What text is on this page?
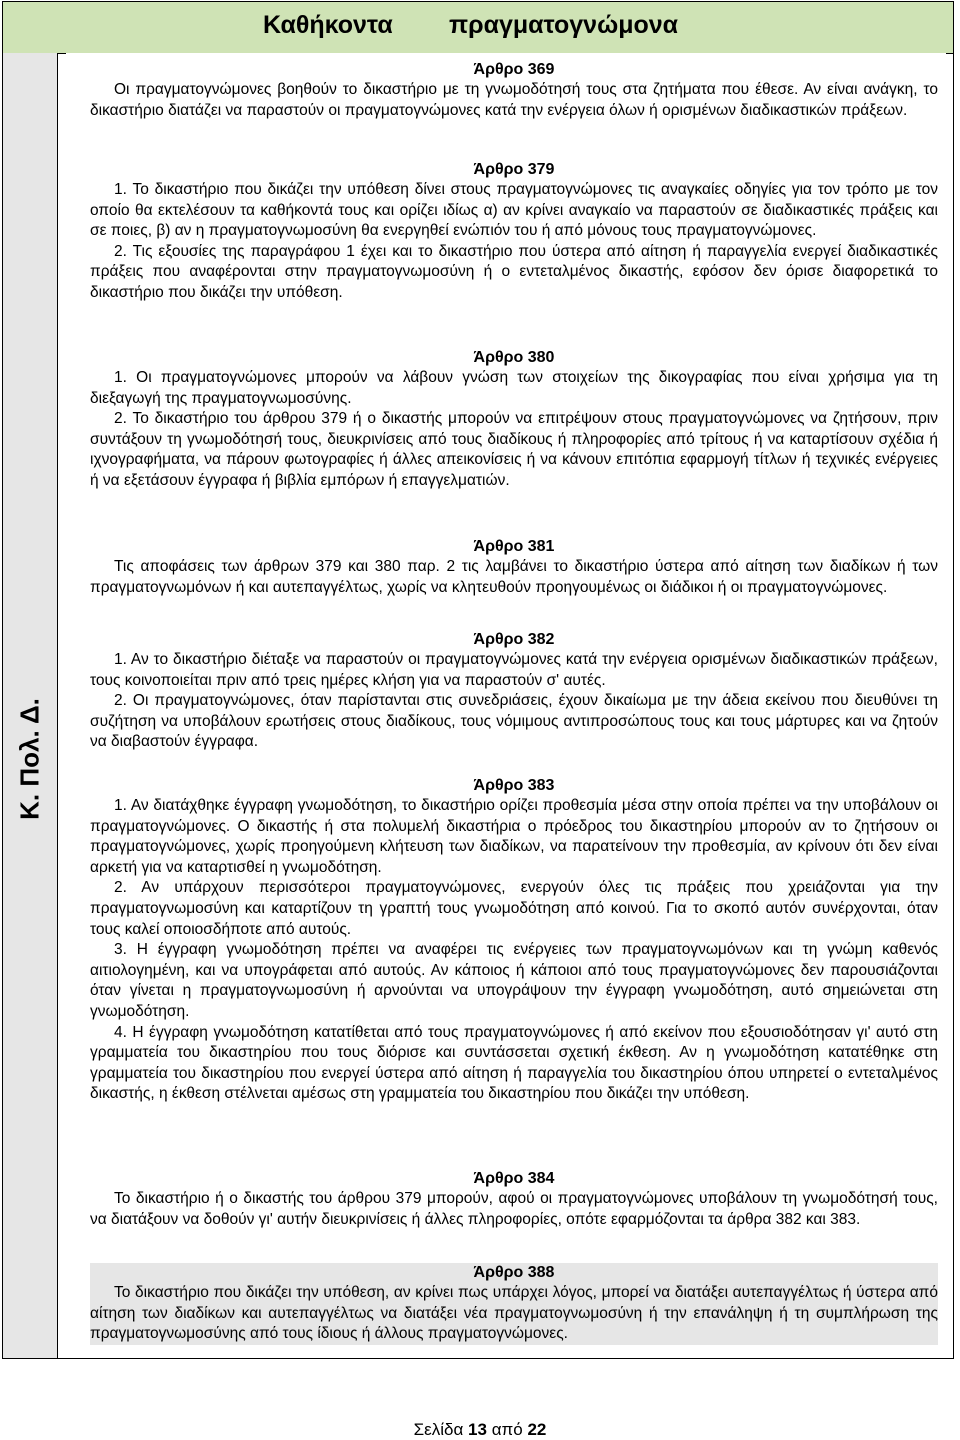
Καθήκοντα πραγματογνώμονα
Κ. Πολ. Δ.

Άρθρο 369

Οι πραγματογνώμονες βοηθούν το δικαστήριο με τη γνωμοδότησή τους στα ζητήματα που έθεσε. Αν είναι ανάγκη, το δικαστήριο διατάζει να παραστούν οι πραγματογνώμονες κατά την ενέργεια όλων ή ορισμένων διαδικαστικών πράξεων.

Άρθρο 379

1. Το δικαστήριο που δικάζει την υπόθεση δίνει στους πραγματογνώμονες τις αναγκαίες οδηγίες για τον τρόπο με τον οποίο θα εκτελέσουν τα καθήκοντά τους και ορίζει ιδίως α) αν κρίνει αναγκαίο να παραστούν σε διαδικαστικές πράξεις και σε ποιες, β) αν η πραγματογνωμοσύνη θα ενεργηθεί ενώπιόν του ή από μόνους τους πραγματογνώμονες.

2. Τις εξουσίες της παραγράφου 1 έχει και το δικαστήριο που ύστερα από αίτηση ή παραγγελία ενεργεί διαδικαστικές πράξεις που αναφέρονται στην πραγματογνωμοσύνη ή ο εντεταλμένος δικαστής, εφόσον δεν όρισε διαφορετικά το δικαστήριο που δικάζει την υπόθεση.

Άρθρο 380

1. Οι πραγματογνώμονες μπορούν να λάβουν γνώση των στοιχείων της δικογραφίας που είναι χρήσιμα για τη διεξαγωγή της πραγματογνωμοσύνης.

2. Το δικαστήριο του άρθρου 379 ή ο δικαστής μπορούν να επιτρέψουν στους πραγματογνώμονες να ζητήσουν, πριν συντάξουν τη γνωμοδότησή τους, διευκρινίσεις από τους διαδίκους ή πληροφορίες από τρίτους ή να καταρτίσουν σχέδια ή ιχνογραφήματα, να πάρουν φωτογραφίες ή άλλες απεικονίσεις ή να κάνουν επιτόπια εφαρμογή τίτλων ή τεχνικές ενέργειες ή να εξετάσουν έγγραφα ή βιβλία εμπόρων ή επαγγελματιών.

Άρθρο 381

Τις αποφάσεις των άρθρων 379 και 380 παρ. 2 τις λαμβάνει το δικαστήριο ύστερα από αίτηση των διαδίκων ή των πραγματογνωμόνων ή και αυτεπαγγέλτως, χωρίς να κλητευθούν προηγουμένως οι διάδικοι ή οι πραγματογνώμονες.

Άρθρο 382

1. Αν το δικαστήριο διέταξε να παραστούν οι πραγματογνώμονες κατά την ενέργεια ορισμένων διαδικαστικών πράξεων, τους κοινοποιείται πριν από τρεις ημέρες κλήση για να παραστούν σ' αυτές.

2. Οι πραγματογνώμονες, όταν παρίστανται στις συνεδριάσεις, έχουν δικαίωμα με την άδεια εκείνου που διευθύνει τη συζήτηση να υποβάλουν ερωτήσεις στους διαδίκους, τους νόμιμους αντιπροσώπους τους και τους μάρτυρες και να ζητούν να διαβαστούν έγγραφα.

Άρθρο 383

1. Αν διατάχθηκε έγγραφη γνωμοδότηση, το δικαστήριο ορίζει προθεσμία μέσα στην οποία πρέπει να την υποβάλουν οι πραγματογνώμονες. Ο δικαστής ή στα πολυμελή δικαστήρια ο πρόεδρος του δικαστηρίου μπορούν αν το ζητήσουν οι πραγματογνώμονες, χωρίς προηγούμενη κλήτευση των διαδίκων, να παρατείνουν την προθεσμία, αν κρίνουν ότι δεν είναι αρκετή για να καταρτισθεί η γνωμοδότηση.

2. Αν υπάρχουν περισσότεροι πραγματογνώμονες, ενεργούν όλες τις πράξεις που χρειάζονται για την πραγματογνωμοσύνη και καταρτίζουν τη γραπτή τους γνωμοδότηση από κοινού. Για το σκοπό αυτόν συνέρχονται, όταν τους καλεί οποιοσδήποτε από αυτούς.

3. Η έγγραφη γνωμοδότηση πρέπει να αναφέρει τις ενέργειες των πραγματογνωμόνων και τη γνώμη καθενός αιτιολογημένη, και να υπογράφεται από αυτούς. Αν κάποιος ή κάποιοι από τους πραγματογνώμονες δεν παρουσιάζονται όταν γίνεται η πραγματογνωμοσύνη ή αρνούνται να υπογράψουν την έγγραφη γνωμοδότηση, αυτό σημειώνεται στη γνωμοδότηση.

4. Η έγγραφη γνωμοδότηση κατατίθεται από τους πραγματογνώμονες ή από εκείνον που εξουσιοδότησαν γι' αυτό στη γραμματεία του δικαστηρίου που τους διόρισε και συντάσσεται σχετική έκθεση. Αν η γνωμοδότηση κατατέθηκε στη γραμματεία του δικαστηρίου που ενεργεί ύστερα από αίτηση ή παραγγελία του δικαστηρίου όπου υπηρετεί ο εντεταλμένος δικαστής, η έκθεση στέλνεται αμέσως στη γραμματεία του δικαστηρίου που δικάζει την υπόθεση.

Άρθρο 384

Το δικαστήριο ή ο δικαστής του άρθρου 379 μπορούν, αφού οι πραγματογνώμονες υποβάλουν τη γνωμοδότησή τους, να διατάξουν να δοθούν γι' αυτήν διευκρινίσεις ή άλλες πληροφορίες, οπότε εφαρμόζονται τα άρθρα 382 και 383.

Άρθρο 388

Το δικαστήριο που δικάζει την υπόθεση, αν κρίνει πως υπάρχει λόγος, μπορεί να διατάξει αυτεπαγγέλτως ή ύστερα από αίτηση των διαδίκων και αυτεπαγγέλτως να διατάξει νέα πραγματογνωμοσύνη ή την επανάληψη ή τη συμπλήρωση της πραγματογνωμοσύνης από τους ίδιους ή άλλους πραγματογνώμονες.

Σελίδα 13 από 22
